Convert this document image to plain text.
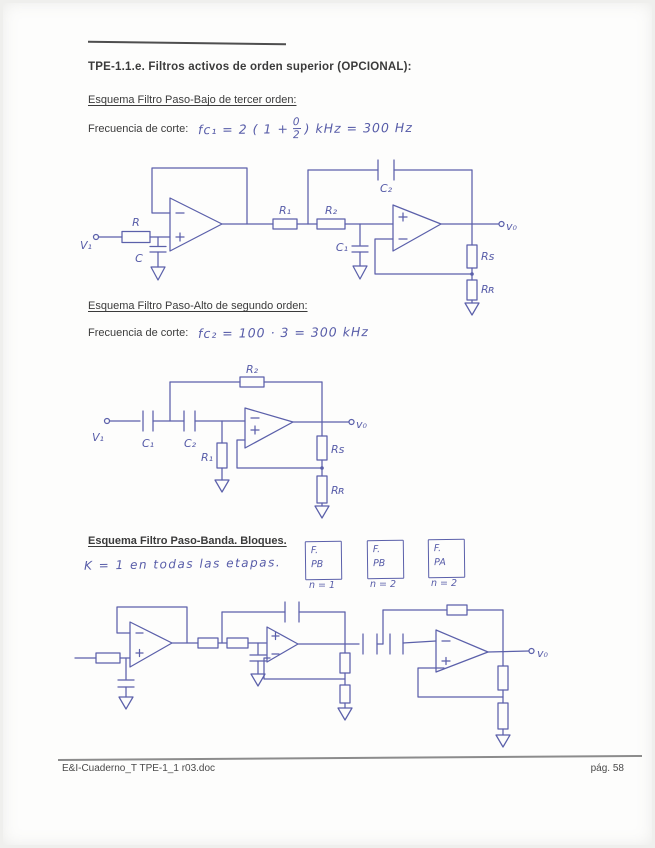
TPE-1.1.e. Filtros activos de orden superior (OPCIONAL):
Esquema Filtro Paso-Bajo de tercer orden:
Frecuencia de corte: fc₁ = 2 ( $1 + \frac{0}{2}$ ) kHz = 300 Hz
V₁
R
C
R₁	R₂
C₂
C₁
Rs
Rʀ
v₀
Esquema Filtro Paso-Alto de segundo orden:
Frecuencia de corte: fc₂ = 100 · 3 = 300 kHz
V₁	C₁	C₂
R₂
R₁
v₀
Rs
Rʀ
Esquema Filtro Paso-Banda. Bloques.
K = 1 en todas las etapas.
F.
PB
n = 1
F.
PB
n = 2
F.
PA
n = 2
v₀
E&I-Cuaderno_T TPE-1_1 r03.doc	pág. 58
